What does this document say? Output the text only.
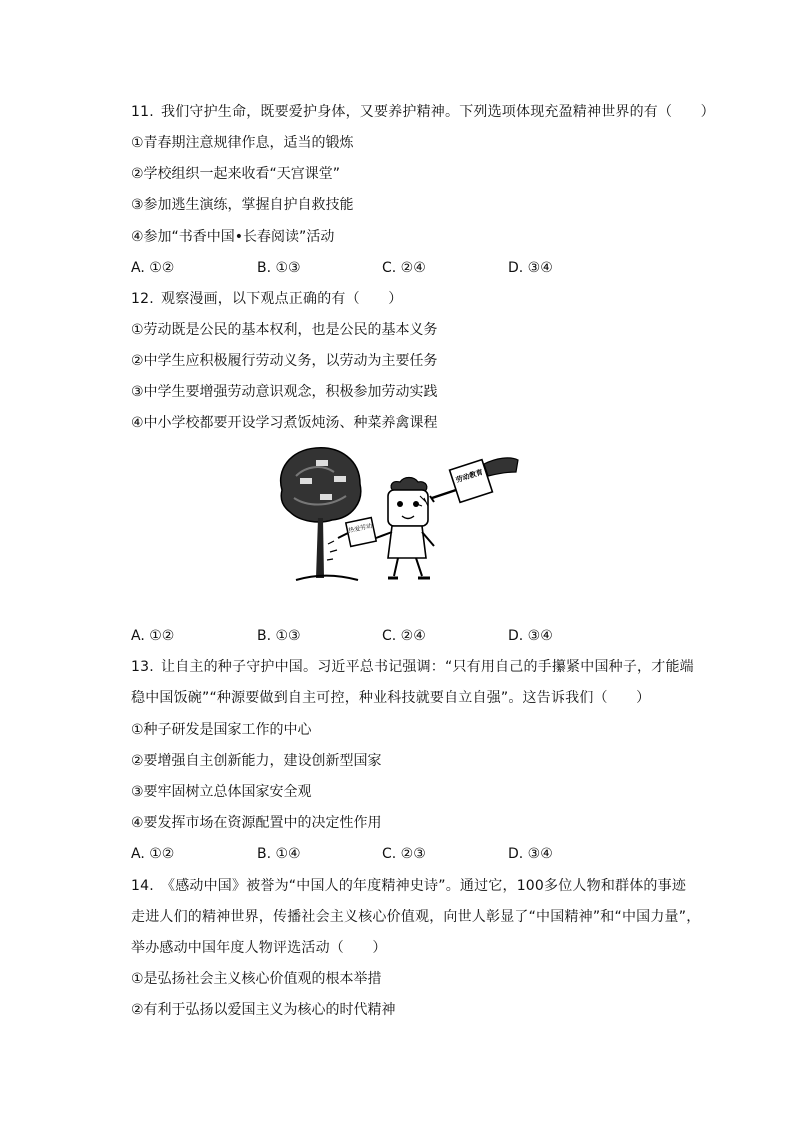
11. 我们守护生命，既要爱护身体，又要养护精神。下列选项体现充盈精神世界的有（　　）
①青春期注意规律作息，适当的锻炼
②学校组织一起来收看“天宫课堂”
③参加逃生演练，掌握自护自救技能
④参加“书香中国•长春阅读”活动
A. ①②	B. ①③	C. ②④	D. ③④
12. 观察漫画，以下观点正确的有（　　）
①劳动既是公民的基本权利，也是公民的基本义务
②中学生应积极履行劳动义务，以劳动为主要任务
③中学生要增强劳动意识观念，积极参加劳动实践
④中小学校都要开设学习煮饭炖汤、种菜养禽课程
热爱劳动
劳动教育
A. ①②	B. ①③	C. ②④	D. ③④
13. 让自主的种子守护中国。习近平总书记强调：“只有用自己的手攥紧中国种子，才能端
稳中国饭碗”“种源要做到自主可控，种业科技就要自立自强”。这告诉我们（　　）
①种子研发是国家工作的中心
②要增强自主创新能力，建设创新型国家
③要牢固树立总体国家安全观
④要发挥市场在资源配置中的决定性作用
A. ①②	B. ①④	C. ②③	D. ③④
14. 《感动中国》被誉为“中国人的年度精神史诗”。通过它，100多位人物和群体的事迹
走进人们的精神世界，传播社会主义核心价值观，向世人彰显了“中国精神”和“中国力量”，
举办感动中国年度人物评选活动（　　）
①是弘扬社会主义核心价值观的根本举措
②有利于弘扬以爱国主义为核心的时代精神
